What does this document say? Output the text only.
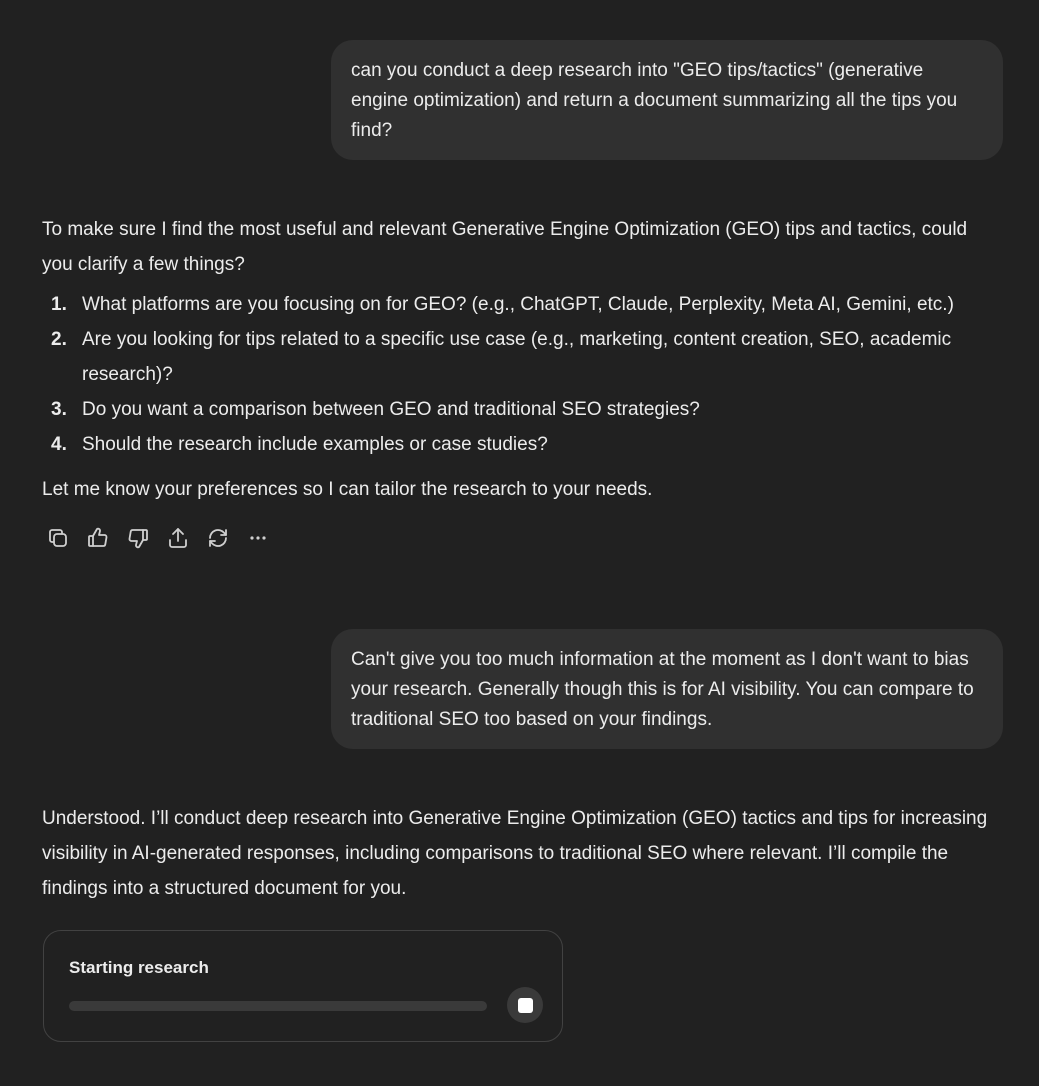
can you conduct a deep research into "GEO tips/tactics" (generative engine optimization) and return a document summarizing all the tips you find?

To make sure I find the most useful and relevant Generative Engine Optimization (GEO) tips and tactics, could you clarify a few things?

1. What platforms are you focusing on for GEO? (e.g., ChatGPT, Claude, Perplexity, Meta AI, Gemini, etc.)
2. Are you looking for tips related to a specific use case (e.g., marketing, content creation, SEO, academic research)?
3. Do you want a comparison between GEO and traditional SEO strategies?
4. Should the research include examples or case studies?

Let me know your preferences so I can tailor the research to your needs.

Can't give you too much information at the moment as I don't want to bias your research. Generally though this is for AI visibility. You can compare to traditional SEO too based on your findings.

Understood. I’ll conduct deep research into Generative Engine Optimization (GEO) tactics and tips for increasing visibility in AI-generated responses, including comparisons to traditional SEO where relevant. I’ll compile the findings into a structured document for you.

Starting research
